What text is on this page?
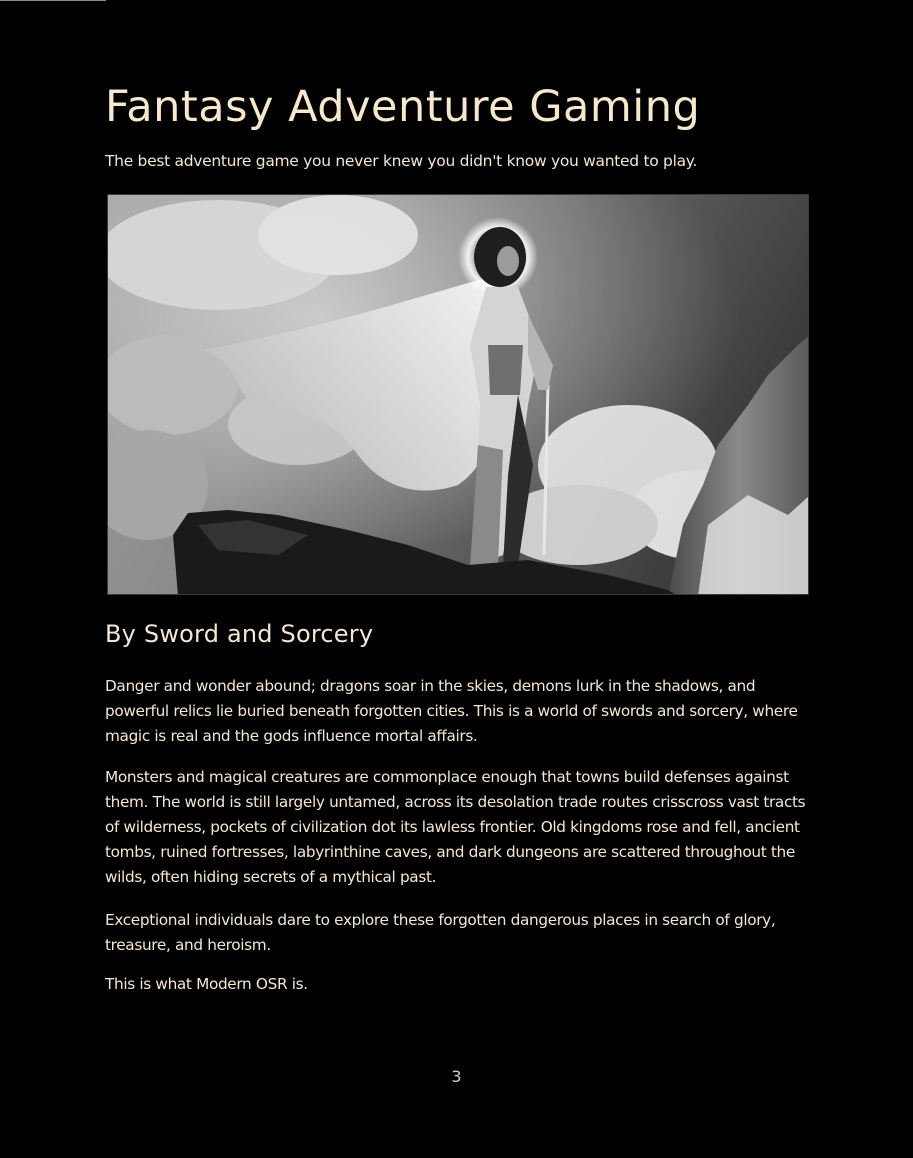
Fantasy Adventure Gaming

The best adventure game you never knew you didn't know you wanted to play.

By Sword and Sorcery

Danger and wonder abound; dragons soar in the skies, demons lurk in the shadows, and powerful relics lie buried beneath forgotten cities. This is a world of swords and sorcery, where magic is real and the gods influence mortal affairs.

Monsters and magical creatures are commonplace enough that towns build defenses against them. The world is still largely untamed, across its desolation trade routes crisscross vast tracts of wilderness, pockets of civilization dot its lawless frontier. Old kingdoms rose and fell, ancient tombs, ruined fortresses, labyrinthine caves, and dark dungeons are scattered throughout the wilds, often hiding secrets of a mythical past.

Exceptional individuals dare to explore these forgotten dangerous places in search of glory, treasure, and heroism.

This is what Modern OSR is.

3
